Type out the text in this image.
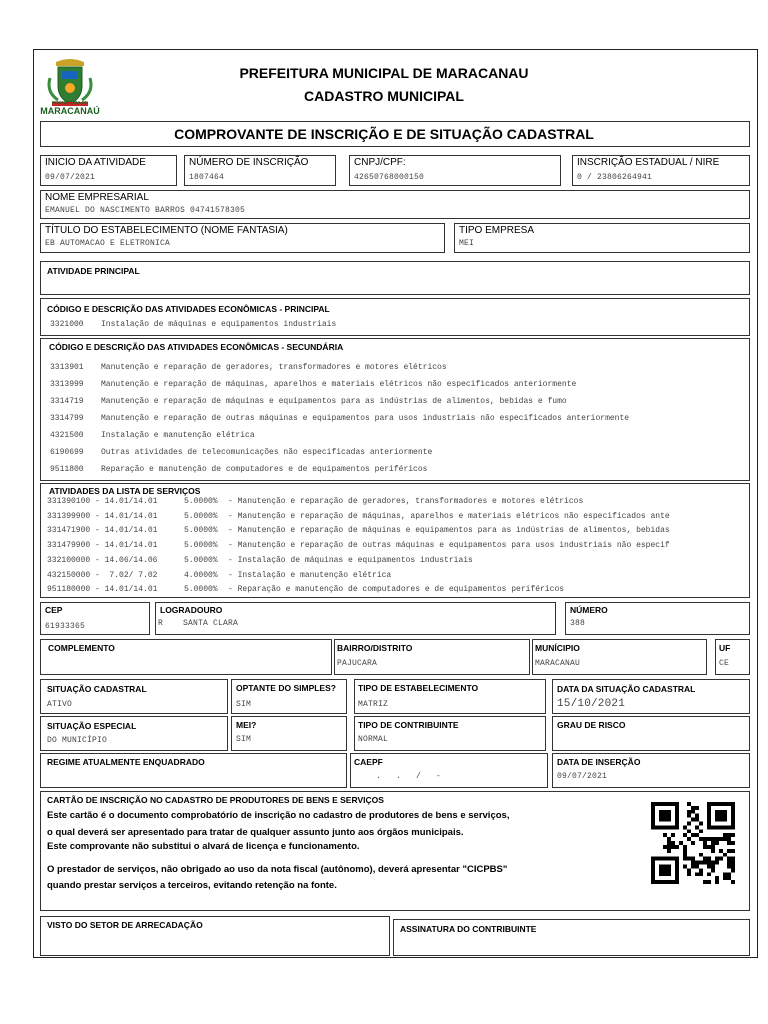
PREFEITURA DE
MARACANAÚ
PREFEITURA MUNICIPAL DE MARACANAU
CADASTRO MUNICIPAL
COMPROVANTE DE INSCRIÇÃO E DE SITUAÇÃO CADASTRAL
INICIO DA ATIVIDADE
09/07/2021
NÚMERO DE INSCRIÇÃO
1807464
CNPJ/CPF:
42650768000150
INSCRIÇÃO ESTADUAL / NIRE
0 / 23806264941
NOME EMPRESARIAL
EMANUEL DO NASCIMENTO BARROS 04741578305
TÍTULO DO ESTABELECIMENTO (NOME FANTASIA)
EB AUTOMACAO E ELETRONICA
TIPO EMPRESA
MEI
ATIVIDADE PRINCIPAL
CÓDIGO E DESCRIÇÃO DAS ATIVIDADES ECONÔMICAS - PRINCIPAL
3321000 Instalação de máquinas e equipamentos industriais
CÓDIGO E DESCRIÇÃO DAS ATIVIDADES ECONÔMICAS - SECUNDÁRIA
3313901 Manutenção e reparação de geradores, transformadores e motores elétricos
3313999 Manutenção e reparação de máquinas, aparelhos e materiais elétricos não especificados anteriormente
3314719 Manutenção e reparação de máquinas e equipamentos para as indústrias de alimentos, bebidas e fumo
3314799 Manutenção e reparação de outras máquinas e equipamentos para usos industriais não especificados anteriormente
4321500 Instalação e manutenção elétrica
6190699 Outras atividades de telecomunicações não especificadas anteriormente
9511800 Reparação e manutenção de computadores e de equipamentos periféricos
ATIVIDADES DA LISTA DE SERVIÇOS
331390100 - 14.01/14.01	5.0000% - Manutenção e reparação de geradores, transformadores e motores elétricos
331399900 - 14.01/14.01	5.0000% - Manutenção e reparação de máquinas, aparelhos e materiais elétricos não especificados ante
331471900 - 14.01/14.01	5.0000% - Manutenção e reparação de máquinas e equipamentos para as indústrias de alimentos, bebidas
331479900 - 14.01/14.01	5.0000% - Manutenção e reparação de outras máquinas e equipamentos para usos industriais não especif
332100000 - 14.06/14.06	5.0000% - Instalação de máquinas e equipamentos industriais
432150000 -  7.02/ 7.02	4.0000% - Instalação e manutenção elétrica
951180000 - 14.01/14.01	5.0000% - Reparação e manutenção de computadores e de equipamentos periféricos
CEP
61933365
LOGRADOURO
R SANTA CLARA
NÚMERO
388
COMPLEMENTO	BAIRRO/DISTRITO
PAJUCARA
MUNÍCIPIO
MARACANAU
UF
CE
SITUAÇÃO CADASTRAL
ATIVO
OPTANTE DO SIMPLES?
SIM
TIPO DE ESTABELECIMENTO
MATRIZ
DATA DA SITUAÇÃO CADASTRAL
15/10/2021
SITUAÇÃO ESPECIAL
DO MUNICÍPIO
MEI?
SIM
TIPO DE CONTRIBUINTE
NORMAL
GRAU DE RISCO
REGIME ATUALMENTE ENQUADRADO	CAEPF
.   .   /   -
DATA DE INSERÇÃO
09/07/2021
CARTÃO DE INSCRIÇÃO NO CADASTRO DE PRODUTORES DE BENS E SERVIÇOS
Este cartão é o documento comprobatório de inscrição no cadastro de produtores de bens e serviços,
o qual deverá ser apresentado para tratar de qualquer assunto junto aos órgãos municipais.
Este comprovante não substitui o alvará de licença e funcionamento.
O prestador de serviços, não obrigado ao uso da nota fiscal (autônomo), deverá apresentar "CICPBS"
quando prestar serviços a terceiros, evitando retenção na fonte.
VISTO DO SETOR DE ARRECADAÇÃO	ASSINATURA DO CONTRIBUINTE
